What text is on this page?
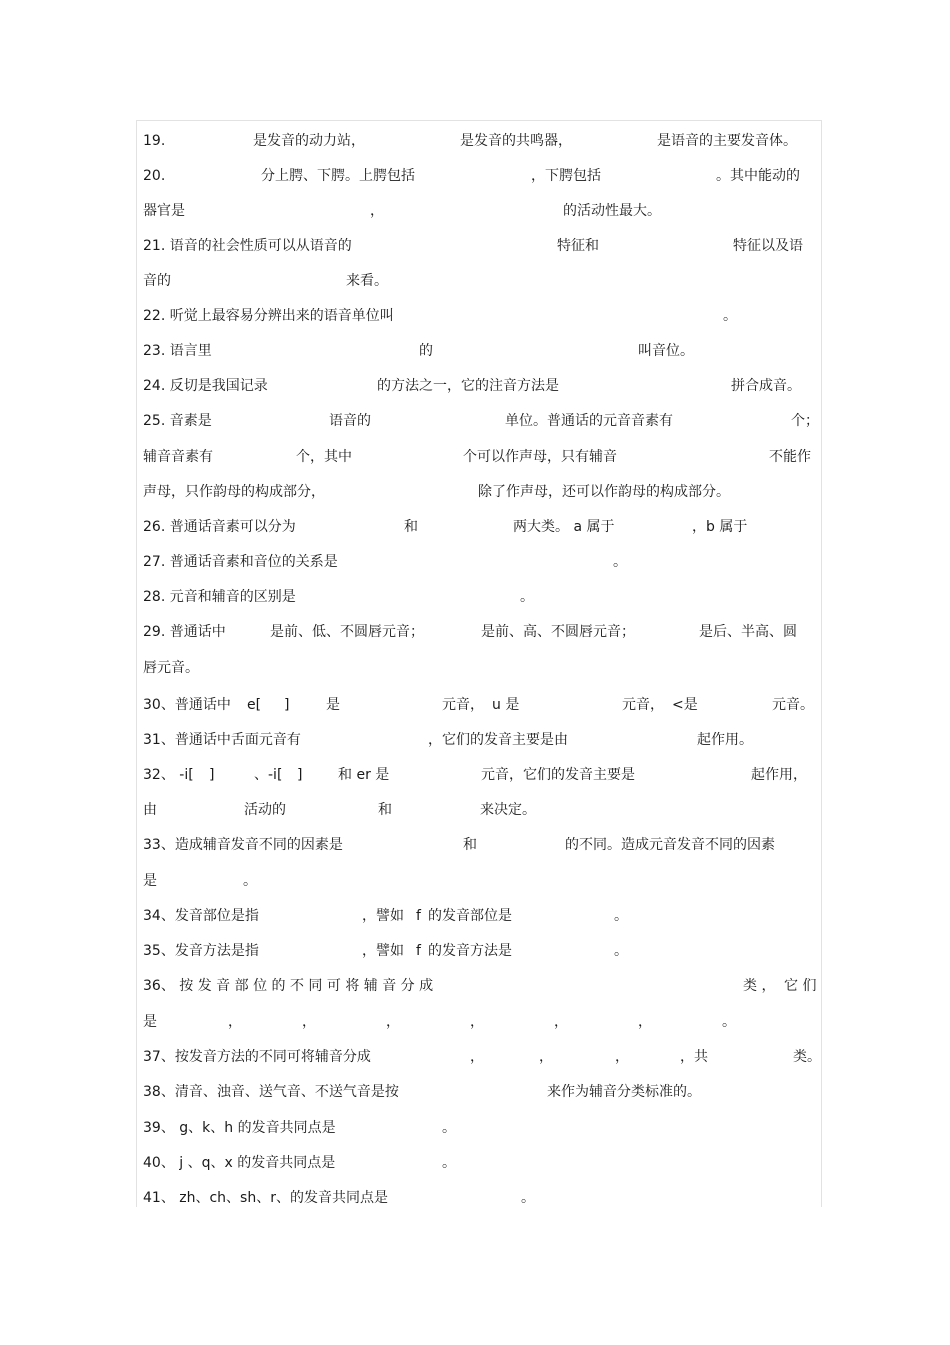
19.	是发音的动力站，	是发音的共鸣器，	是语音的主要发音体。
20.	分上腭、下腭。上腭包括	，下腭包括	。其中能动的
器官是	，	的活动性最大。
21. 语音的社会性质可以从语音的	特征和	特征以及语
音的	来看。
22. 听觉上最容易分辨出来的语音单位叫	。
23. 语言里	的	叫音位。
24. 反切是我国记录	的方法之一，它的注音方法是	拼合成音。
25. 音素是	语音的	单位。普通话的元音音素有	个；
辅音音素有	个，其中	个可以作声母，只有辅音	不能作
声母，只作韵母的构成部分，	除了作声母，还可以作韵母的构成部分。
26. 普通话音素可以分为	和	两大类。 a 属于	，b 属于
27. 普通话音素和音位的关系是	。
28. 元音和辅音的区别是	。
29. 普通话中	是前、低、不圆唇元音；	是前、高、不圆唇元音；	是后、半高、圆
唇元音。
30、普通话中 e[ ]	是	元音， u 是	元音， <是	元音。
31、普通话中舌面元音有	，它们的发音主要是由	起作用。
32、 -i[ ]	、-i[ ]	和 er 是	元音，它们的发音主要是	起作用，
由	活动的	和	来决定。
33、造成辅音发音不同的因素是	和	的不同。造成元音发音不同的因素
是	。
34、发音部位是指	，譬如 f 的发音部位是	。
35、发音方法是指	，譬如 f 的发音方法是	。
36、 按 发 音 部 位 的 不 同 可 将 辅 音 分 成	类 ， 它 们
是	，	，	，	，	，	，	。
37、按发音方法的不同可将辅音分成	，	，	，	，共	类。
38、清音、浊音、送气音、不送气音是按	来作为辅音分类标准的。
39、 g、k、h 的发音共同点是	。
40、 j 、q、x 的发音共同点是	。
41、 zh、ch、sh、r、的发音共同点是	。
